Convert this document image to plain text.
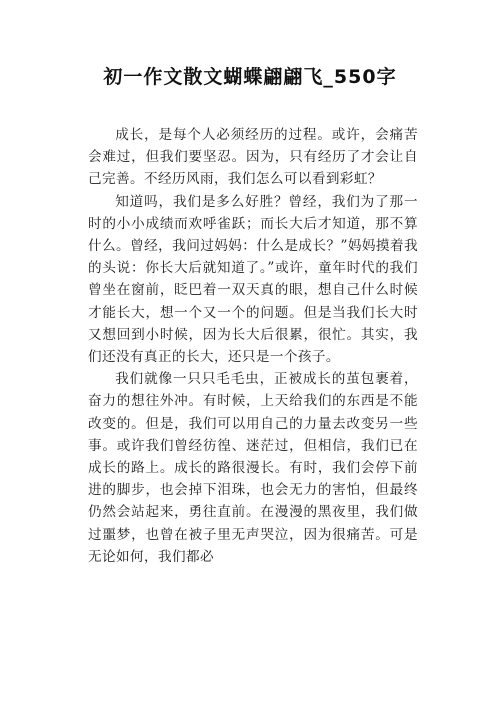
初一作文散文蝴蝶翩翩飞_550字

成长，是每个人必须经历的过程。或许，会痛苦会难过，但我们要坚忍。因为，只有经历了才会让自己完善。不经历风雨，我们怎么可以看到彩虹？

知道吗，我们是多么好胜？曾经，我们为了那一时的小小成绩而欢呼雀跃；而长大后才知道，那不算什么。曾经，我问过妈妈：什么是成长？”妈妈摸着我的头说：你长大后就知道了。”或许，童年时代的我们曾坐在窗前，眨巴着一双天真的眼，想自己什么时候才能长大，想一个又一个的问题。但是当我们长大时又想回到小时候，因为长大后很累，很忙。其实，我们还没有真正的长大，还只是一个孩子。

我们就像一只只毛毛虫，正被成长的茧包裹着，奋力的想往外冲。有时候，上天给我们的东西是不能改变的。但是，我们可以用自己的力量去改变另一些事。或许我们曾经彷徨、迷茫过，但相信，我们已在成长的路上。成长的路很漫长。有时，我们会停下前进的脚步，也会掉下泪珠，也会无力的害怕，但最终仍然会站起来，勇往直前。在漫漫的黑夜里，我们做过噩梦，也曾在被子里无声哭泣，因为很痛苦。可是无论如何，我们都必
